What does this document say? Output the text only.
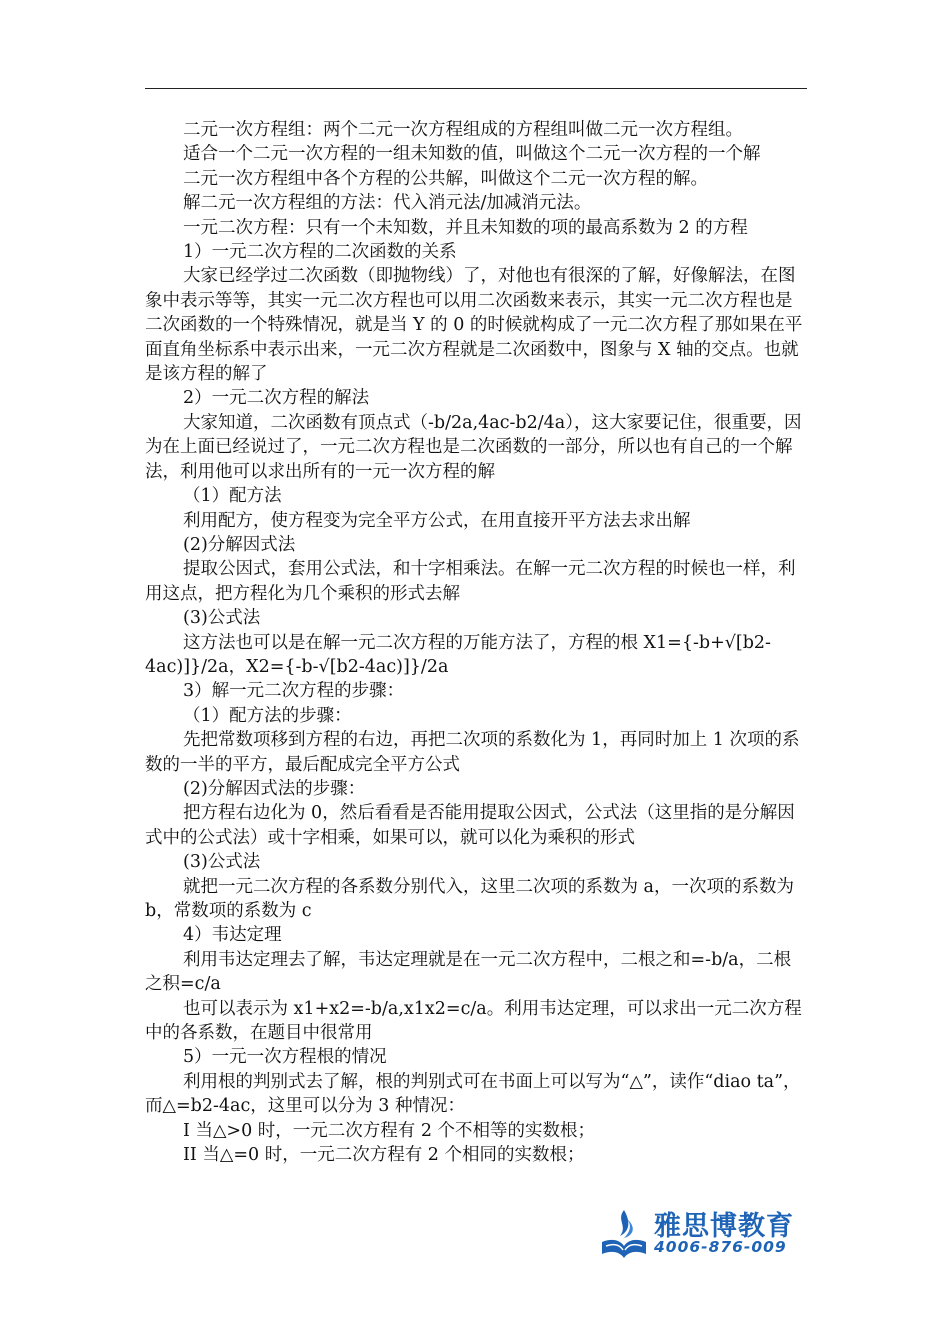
二元一次方程组：两个二元一次方程组成的方程组叫做二元一次方程组。

适合一个二元一次方程的一组未知数的值，叫做这个二元一次方程的一个解

二元一次方程组中各个方程的公共解，叫做这个二元一次方程的解。

解二元一次方程组的方法：代入消元法/加减消元法。

一元二次方程：只有一个未知数，并且未知数的项的最高系数为 2 的方程

1）一元二次方程的二次函数的关系

大家已经学过二次函数（即抛物线）了，对他也有很深的了解，好像解法，在图象中表示等等，其实一元二次方程也可以用二次函数来表示，其实一元二次方程也是二次函数的一个特殊情况，就是当 Y 的 0 的时候就构成了一元二次方程了那如果在平面直角坐标系中表示出来，一元二次方程就是二次函数中，图象与 X 轴的交点。也就是该方程的解了

2）一元二次方程的解法

大家知道，二次函数有顶点式（-b/2a,4ac-b2/4a），这大家要记住，很重要，因为在上面已经说过了，一元二次方程也是二次函数的一部分，所以也有自己的一个解法，利用他可以求出所有的一元一次方程的解

（1）配方法

利用配方，使方程变为完全平方公式，在用直接开平方法去求出解

(2)分解因式法

提取公因式，套用公式法，和十字相乘法。在解一元二次方程的时候也一样，利用这点，把方程化为几个乘积的形式去解

(3)公式法

这方法也可以是在解一元二次方程的万能方法了，方程的根 X1={-b+√[b2-4ac)]}/2a，X2={-b-√[b2-4ac)]}/2a

3）解一元二次方程的步骤：

（1）配方法的步骤：

先把常数项移到方程的右边，再把二次项的系数化为 1，再同时加上 1 次项的系数的一半的平方，最后配成完全平方公式

(2)分解因式法的步骤：

把方程右边化为 0，然后看看是否能用提取公因式，公式法（这里指的是分解因式中的公式法）或十字相乘，如果可以，就可以化为乘积的形式

(3)公式法

就把一元二次方程的各系数分别代入，这里二次项的系数为 a，一次项的系数为 b，常数项的系数为 c

4）韦达定理

利用韦达定理去了解，韦达定理就是在一元二次方程中，二根之和=-b/a，二根之积=c/a

也可以表示为 x1+x2=-b/a,x1x2=c/a。利用韦达定理，可以求出一元二次方程中的各系数，在题目中很常用

5）一元一次方程根的情况

利用根的判别式去了解，根的判别式可在书面上可以写为“△”，读作“diao ta”，而△=b2-4ac，这里可以分为 3 种情况：

I 当△>0 时，一元二次方程有 2 个不相等的实数根；

II 当△=0 时，一元二次方程有 2 个相同的实数根；

雅思博教育
4006-876-009
